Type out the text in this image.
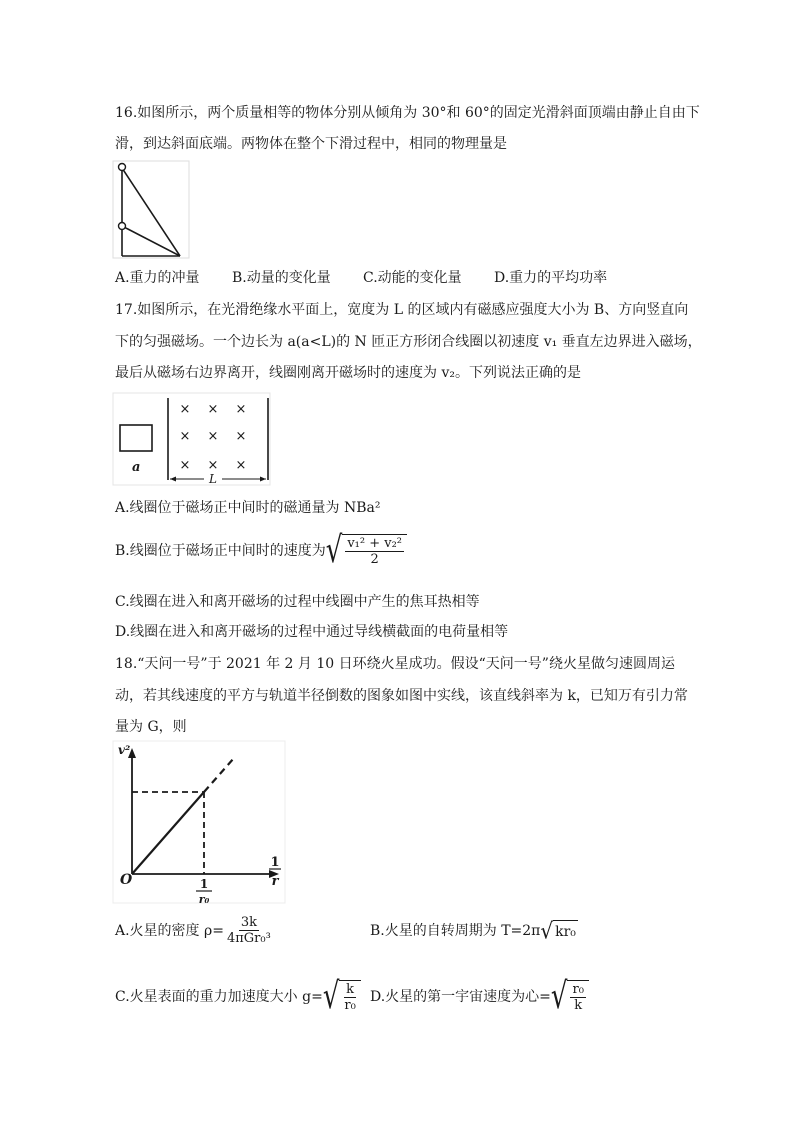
16.如图所示，两个质量相等的物体分别从倾角为 30°和 60°的固定光滑斜面顶端由静止自由下
滑，到达斜面底端。两物体在整个下滑过程中，相同的物理量是
A.重力的冲量 B.动量的变化量 C.动能的变化量 D.重力的平均功率
17.如图所示，在光滑绝缘水平面上，宽度为 L 的区域内有磁感应强度大小为 B、方向竖直向
下的匀强磁场。一个边长为 a(a<L)的 N 匝正方形闭合线圈以初速度 v₁ 垂直左边界进入磁场，
最后从磁场右边界离开，线圈刚离开磁场时的速度为 v₂。下列说法正确的是
a
× × ×
× × ×
× × ×
L
A.线圈位于磁场正中间时的磁通量为 NBa²
B.线圈位于磁场正中间时的速度为 √ $\frac{\text{v₁² + v₂²}}{2}$
C.线圈在进入和离开磁场的过程中线圈中产生的焦耳热相等
D.线圈在进入和离开磁场的过程中通过导线横截面的电荷量相等
18.“天问一号”于 2021 年 2 月 10 日环绕火星成功。假设“天问一号”绕火星做匀速圆周运
动，若其线速度的平方与轨道半径倒数的图象如图中实线，该直线斜率为 k，已知万有引力常
量为 G，则
v²
O
1
r
1
r₀
A.火星的密度 $\rho= \frac{3k}{\text{4πGr₀³}}$	B.火星的自转周期为 T=2π √ kr₀
C.火星表面的重力加速度大小 g= √ $\frac{k}{\text{r₀}} D$.火星的第一宇宙速度为心= √ $\frac{\text{r₀}}{k}$
